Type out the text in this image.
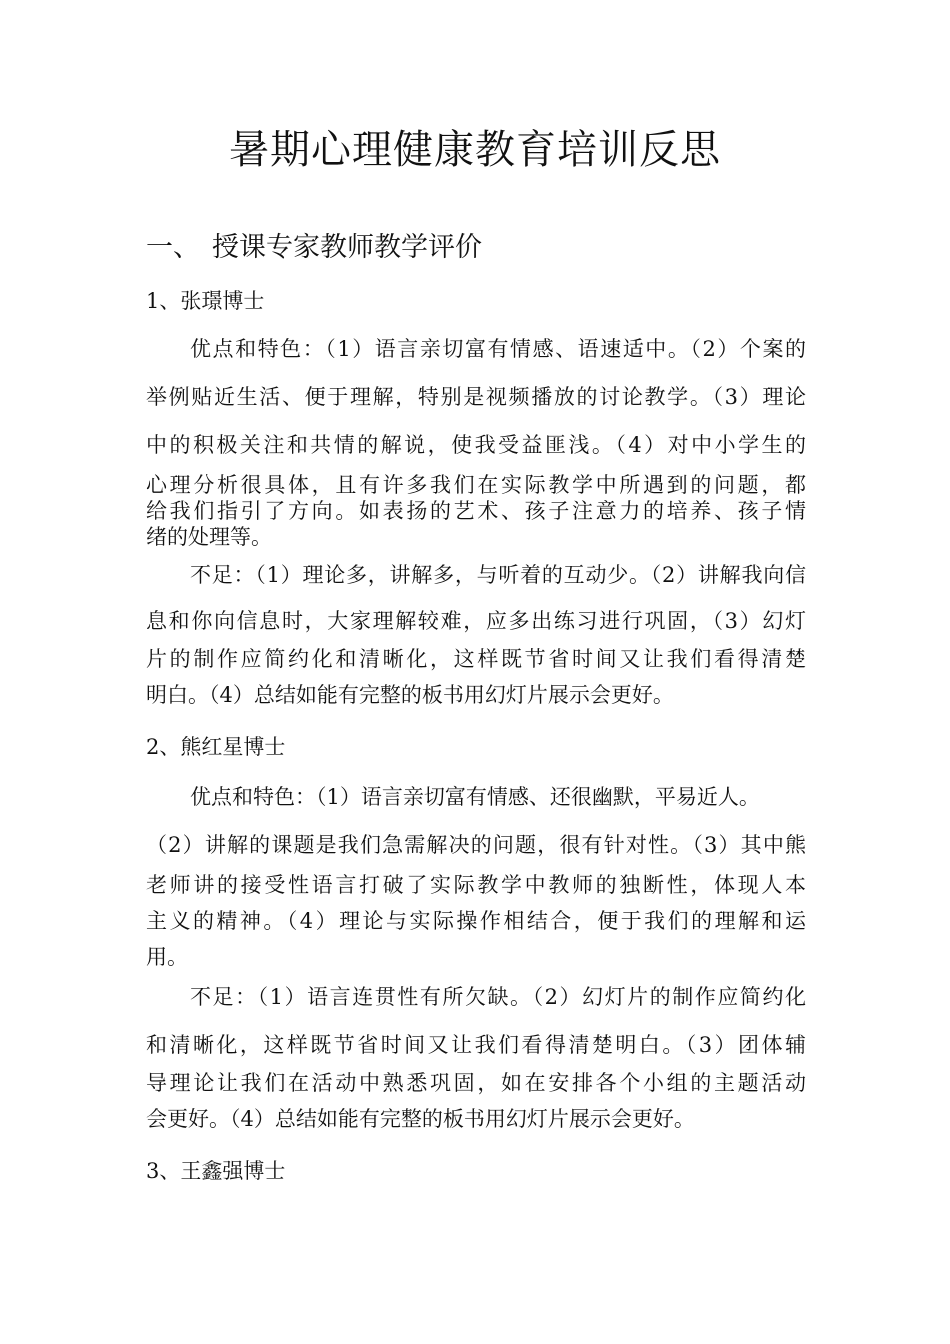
暑期心理健康教育培训反思
一、 授课专家教师教学评价
1、张璟博士
优点和特色：（1）语言亲切富有情感、语速适中。（2）个案的
举例贴近生活、便于理解，特别是视频播放的讨论教学。（3）理论
中的积极关注和共情的解说，使我受益匪浅。（4）对中小学生的
心理分析很具体，且有许多我们在实际教学中所遇到的问题，都
给我们指引了方向。如表扬的艺术、孩子注意力的培养、孩子情
绪的处理等。
不足：（1）理论多，讲解多，与听着的互动少。（2）讲解我向信
息和你向信息时，大家理解较难，应多出练习进行巩固，（3）幻灯
片的制作应简约化和清晰化，这样既节省时间又让我们看得清楚
明白。（4）总结如能有完整的板书用幻灯片展示会更好。
2、熊红星博士
优点和特色：（1）语言亲切富有情感、还很幽默，平易近人。
（2）讲解的课题是我们急需解决的问题，很有针对性。（3）其中熊
老师讲的接受性语言打破了实际教学中教师的独断性，体现人本
主义的精神。（4）理论与实际操作相结合，便于我们的理解和运
用。
不足：（1）语言连贯性有所欠缺。（2）幻灯片的制作应简约化
和清晰化，这样既节省时间又让我们看得清楚明白。（3）团体辅
导理论让我们在活动中熟悉巩固，如在安排各个小组的主题活动
会更好。（4）总结如能有完整的板书用幻灯片展示会更好。
3、王鑫强博士
